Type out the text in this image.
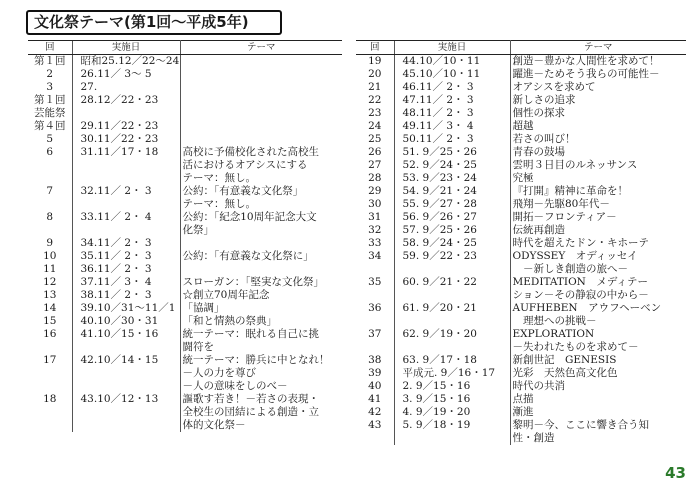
文化祭テーマ(第1回～平成5年)
回	実施日	テーマ
第１回	昭和25.12／22～24	
2	26.11／ 3～ 5	
3	27.	
第１回	28.12／22・23	
芸能祭		
第４回	29.11／22・23	
5	30.11／22・23	
6	31.11／17・18	高校に予備校化された高校生
		活におけるオアシスにする
		テーマ：無し。
7	32.11／ 2・ 3	公約：「有意義な文化祭」
		テーマ：無し。
8	33.11／ 2・ 4	公約：「紀念10周年記念大文
		化祭」
9	34.11／ 2・ 3	
10	35.11／ 2・ 3	公約：「有意義な文化祭に」
11	36.11／ 2・ 3	
12	37.11／ 3・ 4	スローガン：「堅実な文化祭」
13	38.11／ 2・ 3	☆創立70周年記念
14	39.10／31～11／1	「協調」
15	40.10／30・31	「和と情熱の祭典」
16	41.10／15・16	統一テーマ：眠れる自己に挑
		闘符を
17	42.10／14・15	統一テーマ：勝兵に中となれ！
		－人の力を尊び
		－人の意味をしのべ－
18	43.10／12・13	謳歌す若き！－若さの表現・
		全校生の団結による創造・立
		体的文化祭－
回	実施日	テーマ
19	44.10／10・11	創造－豊かな人間性を求めて！
20	45.10／10・11	躍進－ためそう我らの可能性－
21	46.11／ 2・ 3	オアシスを求めて
22	47.11／ 2・ 3	新しさの追求
23	48.11／ 2・ 3	個性の探求
24	49.11／ 3・ 4	超越
25	50.11／ 2・ 3	若さの叫び！
26	51. 9／25・26	青春の鼓場
27	52. 9／24・25	雲明３日目のルネッサンス
28	53. 9／23・24	究極
29	54. 9／21・24	『打開』精神に革命を！
30	55. 9／27・28	飛翔－先駆80年代－
31	56. 9／26・27	開拓－フロンティア－
32	57. 9／25・26	伝統再創造
33	58. 9／24・25	時代を超えたドン・キホーテ
34	59. 9／22・23	ODYSSEY　オディッセイ
		　－新しき創造の旅へ－
35	60. 9／21・22	MEDITATION　メディテー
		ション－その静寂の中から－
36	61. 9／20・21	AUFHEBEN　アウフヘーベン
		　理想への挑戦－
37	62. 9／19・20	EXPLORATION
		－失われたものを求めて－
38	63. 9／17・18	新創世記　GENESIS
39	平成元. 9／16・17	光彩　天然色高文化色
40	2. 9／15・16	時代の共消
41	3. 9／15・16	点描
42	4. 9／19・20	漸進
43	5. 9／18・19	黎明－今、ここに響き合う知
		性・創造
43
